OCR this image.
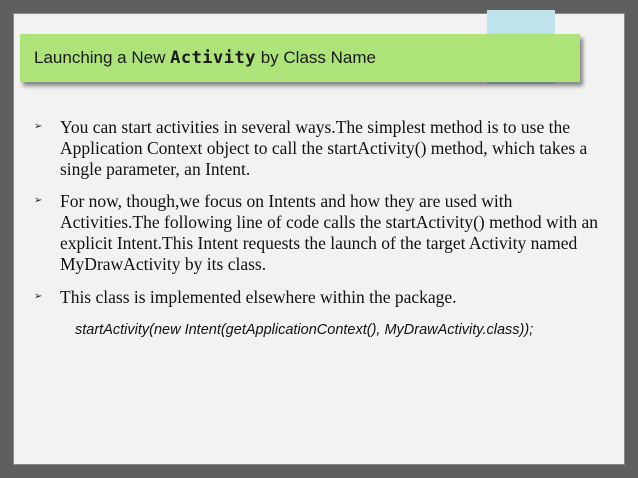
Launching a New Activity by Class Name
➢ You can start activities in several ways.The simplest method is to use the Application Context object to call the startActivity() method, which takes a single parameter, an Intent.
➢ For now, though,we focus on Intents and how they are used with Activities.The following line of code calls the startActivity() method with an explicit Intent.This Intent requests the launch of the target Activity named MyDrawActivity by its class.
➢ This class is implemented elsewhere within the package.
startActivity(new Intent(getApplicationContext(), MyDrawActivity.class));
